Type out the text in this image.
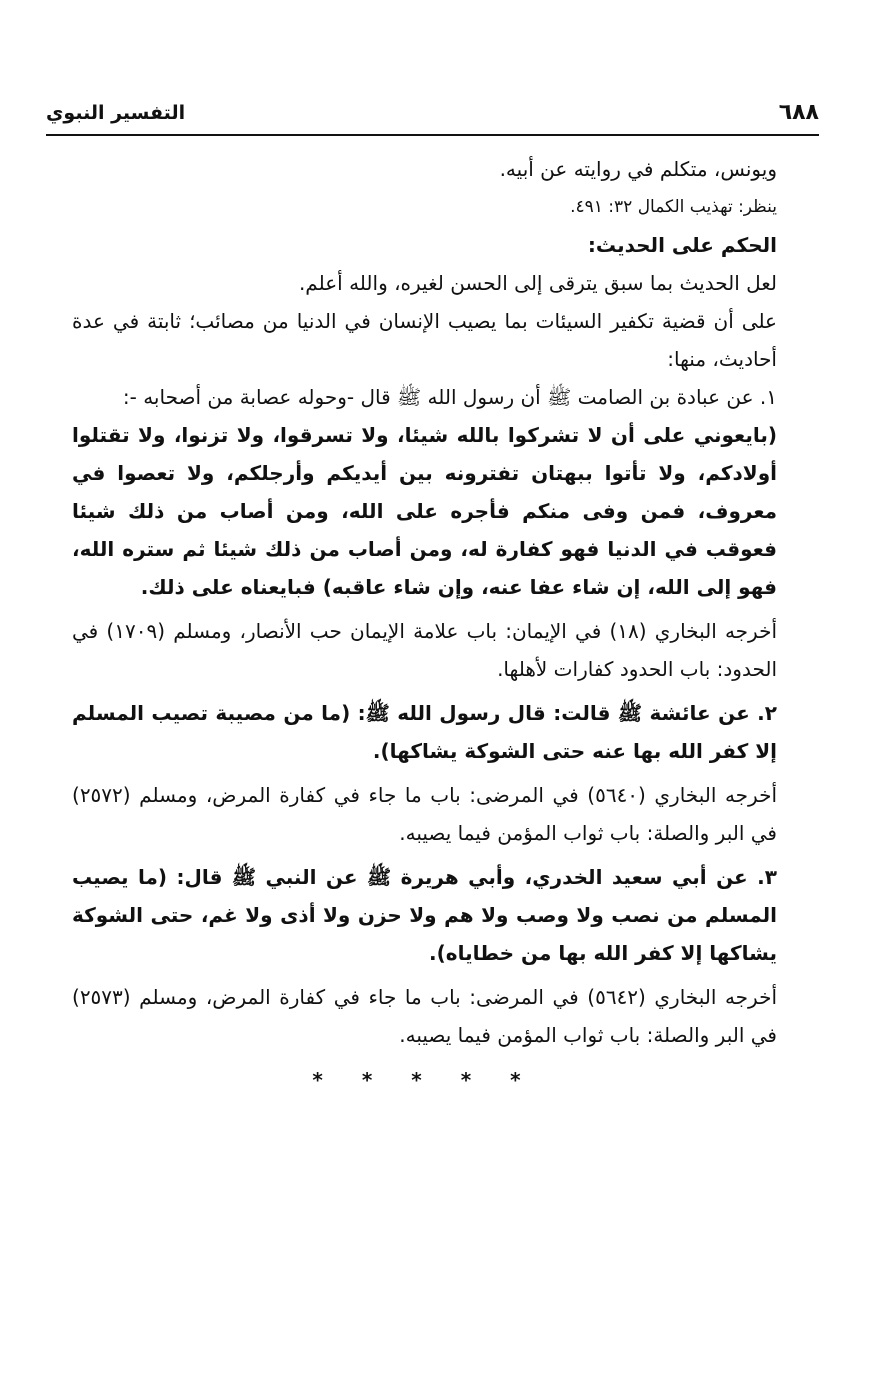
٦٨٨
التفسير النبوي

ويونس، متكلم في روايته عن أبيه.

ينظر: تهذيب الكمال ٣٢: ٤٩١.

الحكم على الحديث:

لعل الحديث بما سبق يترقى إلى الحسن لغيره، والله أعلم.

على أن قضية تكفير السيئات بما يصيب الإنسان في الدنيا من مصائب؛ ثابتة في عدة أحاديث، منها:

١. عن عبادة بن الصامت ﷺ أن رسول الله ﷺ قال -وحوله عصابة من أصحابه -:

(بايعوني على أن لا تشركوا بالله شيئا، ولا تسرقوا، ولا تزنوا، ولا تقتلوا أولادكم، ولا تأتوا ببهتان تفترونه بين أيديكم وأرجلكم، ولا تعصوا في معروف، فمن وفى منكم فأجره على الله، ومن أصاب من ذلك شيئا فعوقب في الدنيا فهو كفارة له، ومن أصاب من ذلك شيئا ثم ستره الله، فهو إلى الله، إن شاء عفا عنه، وإن شاء عاقبه) فبايعناه على ذلك.

أخرجه البخاري (١٨) في الإيمان: باب علامة الإيمان حب الأنصار، ومسلم (١٧٠٩) في الحدود: باب الحدود كفارات لأهلها.

٢. عن عائشة ﷺ قالت: قال رسول الله ﷺ: (ما من مصيبة تصيب المسلم إلا كفر الله بها عنه حتى الشوكة يشاكها).

أخرجه البخاري (٥٦٤٠) في المرضى: باب ما جاء في كفارة المرض، ومسلم (٢٥٧٢) في البر والصلة: باب ثواب المؤمن فيما يصيبه.

٣. عن أبي سعيد الخدري، وأبي هريرة ﷺ عن النبي ﷺ قال: (ما يصيب المسلم من نصب ولا وصب ولا هم ولا حزن ولا أذى ولا غم، حتى الشوكة يشاكها إلا كفر الله بها من خطاياه).

أخرجه البخاري (٥٦٤٢) في المرضى: باب ما جاء في كفارة المرض، ومسلم (٢٥٧٣) في البر والصلة: باب ثواب المؤمن فيما يصيبه.

* * * * *
